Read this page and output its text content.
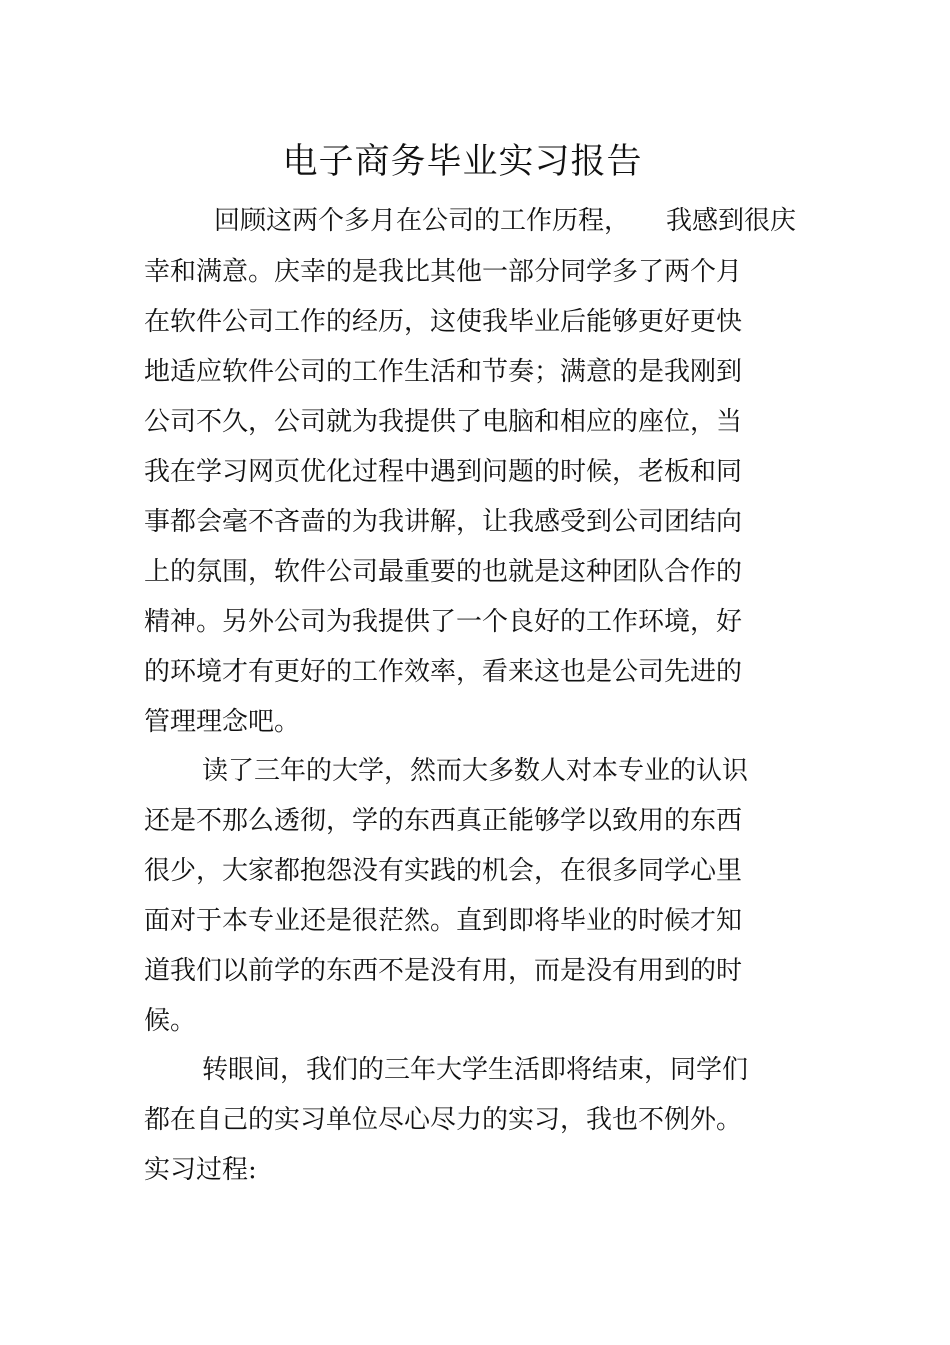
电子商务毕业实习报告
回顾这两个多月在公司的工作历程， 我感到很庆
幸和满意。庆幸的是我比其他一部分同学多了两个月
在软件公司工作的经历，这使我毕业后能够更好更快
地适应软件公司的工作生活和节奏；满意的是我刚到
公司不久，公司就为我提供了电脑和相应的座位，当
我在学习网页优化过程中遇到问题的时候，老板和同
事都会毫不吝啬的为我讲解，让我感受到公司团结向
上的氛围，软件公司最重要的也就是这种团队合作的
精神。另外公司为我提供了一个良好的工作环境，好
的环境才有更好的工作效率，看来这也是公司先进的
管理理念吧。
读了三年的大学，然而大多数人对本专业的认识
还是不那么透彻，学的东西真正能够学以致用的东西
很少，大家都抱怨没有实践的机会，在很多同学心里
面对于本专业还是很茫然。直到即将毕业的时候才知
道我们以前学的东西不是没有用，而是没有用到的时
候。
转眼间，我们的三年大学生活即将结束，同学们
都在自己的实习单位尽心尽力的实习，我也不例外。
实习过程:
